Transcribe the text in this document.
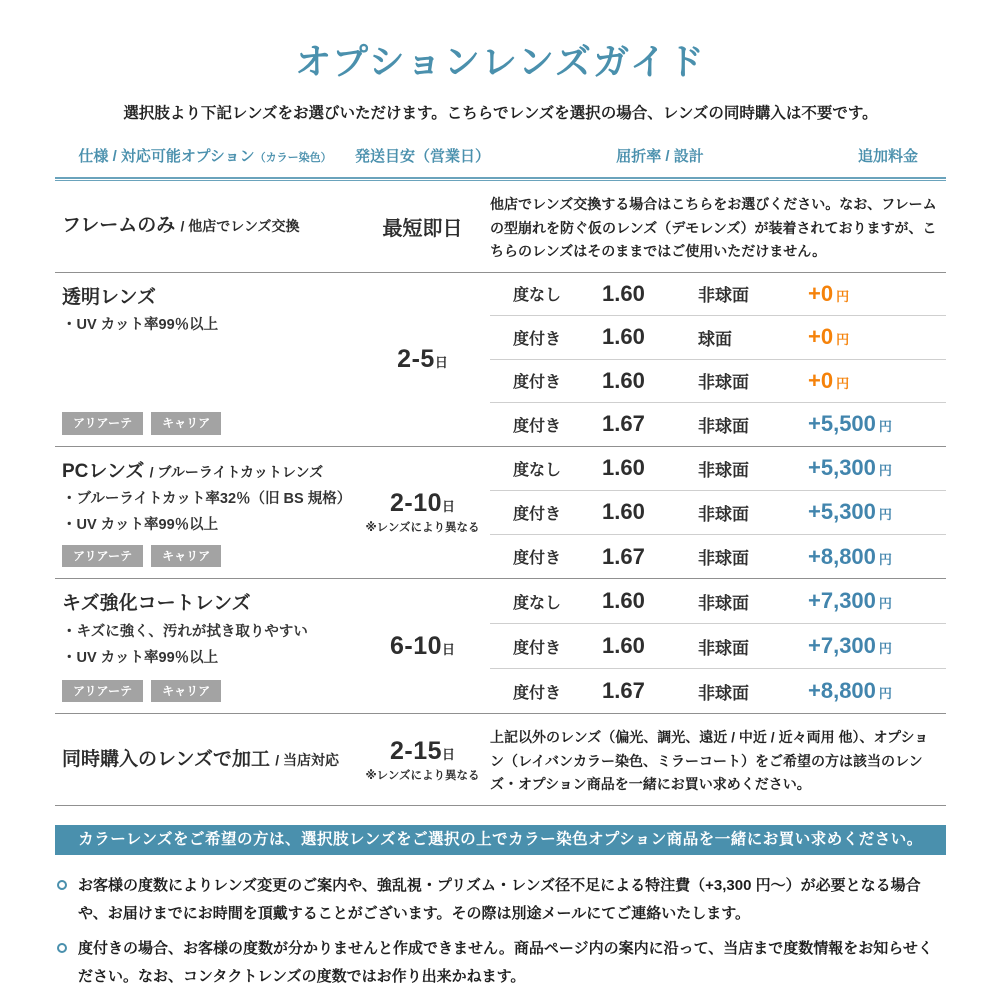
オプションレンズガイド
選択肢より下記レンズをお選びいただけます。こちらでレンズを選択の場合、レンズの同時購入は不要です。
仕様 / 対応可能オプション（カラー染色）	発送目安（営業日）	屈折率 / 設計	追加料金
フレームのみ / 他店でレンズ交換	最短即日
他店でレンズ交換する場合はこちらをお選びください。なお、フレームの型崩れを防ぐ仮のレンズ（デモレンズ）が装着されておりますが、こちらのレンズはそのままではご使用いただけません。
透明レンズ
・UV カット率99％以上
アリアーテ	キャリア
2-5日
度なし	1.60	非球面	+0 円
度付き	1.60	球面	+0 円
度付き	1.60	非球面	+0 円
度付き	1.67	非球面	+5,500 円
PCレンズ / ブルーライトカットレンズ
・ブルーライトカット率32％（旧 BS 規格）
・UV カット率99％以上
アリアーテ	キャリア
2-10日
※レンズにより異なる
度なし	1.60	非球面	+5,300 円
度付き	1.60	非球面	+5,300 円
度付き	1.67	非球面	+8,800 円
キズ強化コートレンズ
・キズに強く、汚れが拭き取りやすい
・UV カット率99％以上
アリアーテ	キャリア
6-10日
度なし	1.60	非球面	+7,300 円
度付き	1.60	非球面	+7,300 円
度付き	1.67	非球面	+8,800 円
同時購入のレンズで加工 / 当店対応 2-15日
※レンズにより異なる
上記以外のレンズ（偏光、調光、遠近 / 中近 / 近々両用 他）、オプション（レイバンカラー染色、ミラーコート）をご希望の方は該当のレンズ・オプション商品を一緒にお買い求めください。
カラーレンズをご希望の方は、選択肢レンズをご選択の上でカラー染色オプション商品を一緒にお買い求めください。
お客様の度数によりレンズ変更のご案内や、強乱視・プリズム・レンズ径不足による特注費（+3,300 円〜）が必要となる場合や、お届けまでにお時間を頂戴することがございます。その際は別途メールにてご連絡いたします。
度付きの場合、お客様の度数が分かりませんと作成できません。商品ページ内の案内に沿って、当店まで度数情報をお知らせください。なお、コンタクトレンズの度数ではお作り出来かねます。
